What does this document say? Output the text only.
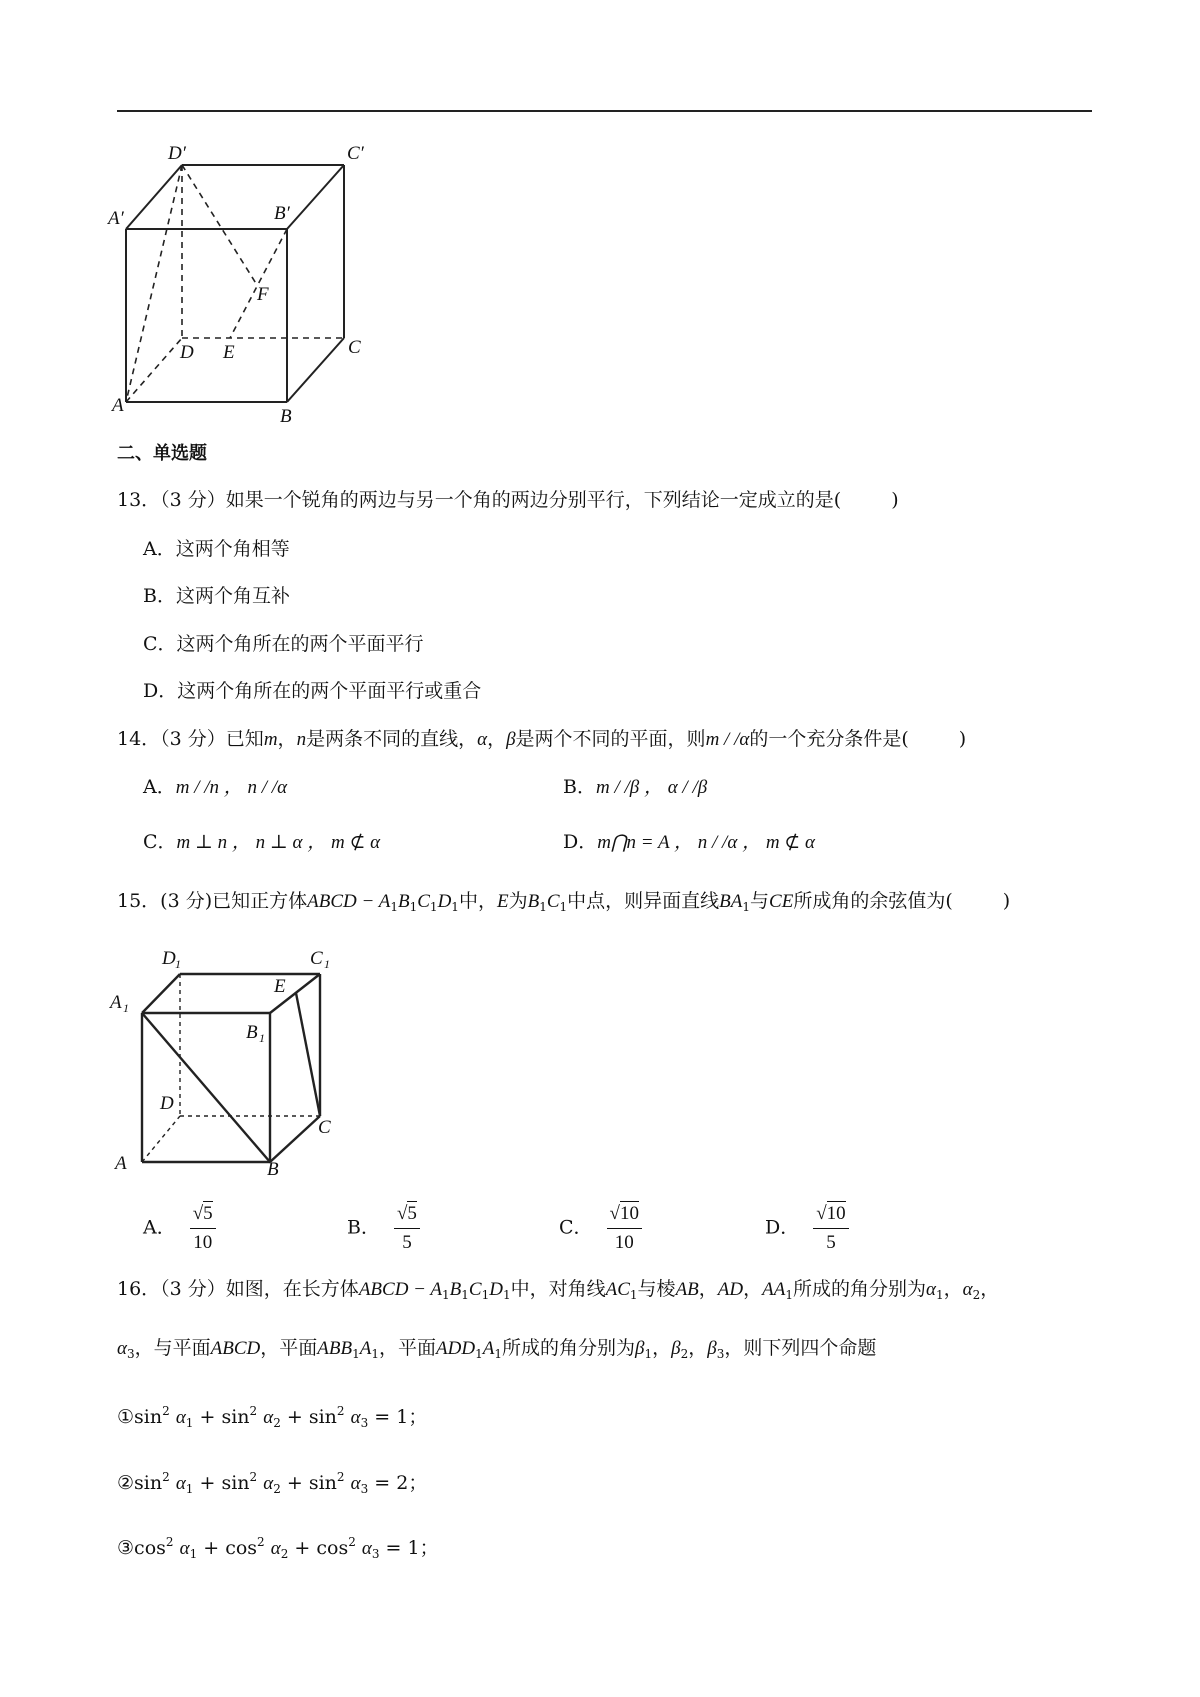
D′	C′
A′	B′
F
D E	C
A
B
二、单选题
13．（3 分）如果一个锐角的两边与另一个角的两边分别平行，下列结论一定成立的是(	)
A．这两个角相等
B．这两个角互补
C．这两个角所在的两个平面平行
D．这两个角所在的两个平面平行或重合
14．（3 分）已知m，n是两条不同的直线，α，β是两个不同的平面，则m / /α的一个充分条件是(	)
A．m / /n ， n / /α	B．m / /β ， α / /β
C．m ⊥ n ， n ⊥ α ， m ⊄ α	D．m⋂n = A ， n / /α ， m ⊄ α
15．(3 分)已知正方体ABCD − $A_1B_1C_1D_1$中，E为$B_1C_1$中点，则异面直线$BA_1$与CE所成角的余弦值为(	)
D 1	C 1
E
A 1
B 1
D
C
A	B
A． √ $\frac{5}{10}$	B． √ $\frac{5}{5}$	C． √ $\frac{10}{10}$	D． √ $\frac{10}{5}$
16．（3 分）如图，在长方体ABCD − $A_1B_1C_1D_1$中，对角线$AC_1$与棱AB，AD，$AA_1$所成的角分别为$\alpha_1$，$\alpha_2$，
$\alpha_3$，与平面ABCD，平面$ABB_1A_1$，平面$ADD_1A_1$所成的角分别为$\beta_1$，$\beta_2$，$\beta_3$，则下列四个命题
$①\sin^2$ $\alpha_1 + \sin^2 \alpha_2 + \sin^2 \alpha_3 = 1$；
$②\sin^2$ $\alpha_1 + \sin^2 \alpha_2 + \sin^2 \alpha_3 = 2$；
$③\cos^2$ $\alpha_1 + \cos^2 \alpha_2 + \cos^2 \alpha_3 = 1$；
